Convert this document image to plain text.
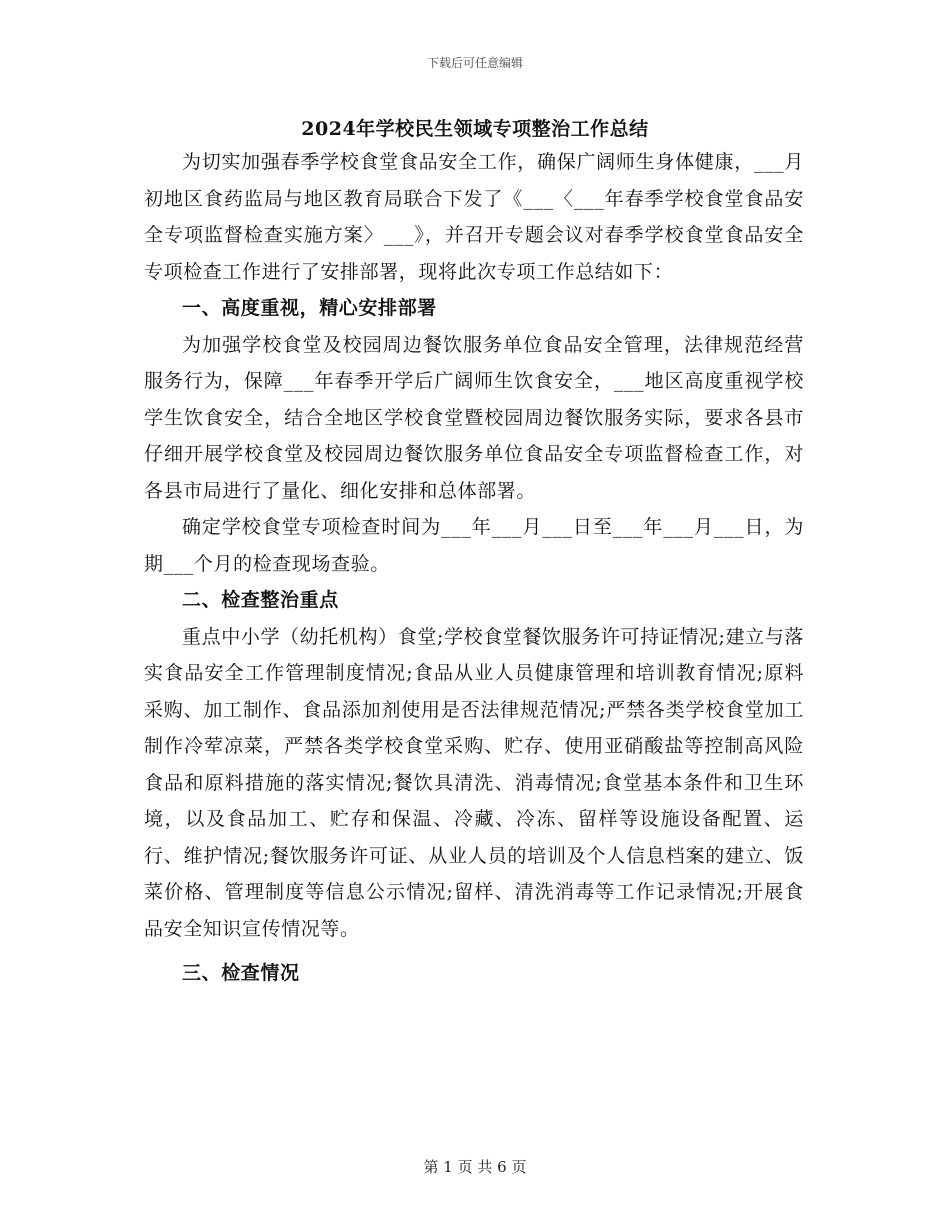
下载后可任意编辑
2024年学校民生领域专项整治工作总结

为切实加强春季学校食堂食品安全工作，确保广阔师生身体健康，___月初地区食药监局与地区教育局联合下发了《___〈___年春季学校食堂食品安全专项监督检查实施方案〉___》，并召开专题会议对春季学校食堂食品安全专项检查工作进行了安排部署，现将此次专项工作总结如下：

一、高度重视，精心安排部署

为加强学校食堂及校园周边餐饮服务单位食品安全管理，法律规范经营服务行为，保障___年春季开学后广阔师生饮食安全，___地区高度重视学校学生饮食安全，结合全地区学校食堂暨校园周边餐饮服务实际，要求各县市仔细开展学校食堂及校园周边餐饮服务单位食品安全专项监督检查工作，对各县市局进行了量化、细化安排和总体部署。

确定学校食堂专项检查时间为___年___月___日至___年___月___日，为期___个月的检查现场查验。

二、检查整治重点

重点中小学（幼托机构）食堂;学校食堂餐饮服务许可持证情况;建立与落实食品安全工作管理制度情况;食品从业人员健康管理和培训教育情况;原料采购、加工制作、食品添加剂使用是否法律规范情况;严禁各类学校食堂加工制作冷荤凉菜，严禁各类学校食堂采购、贮存、使用亚硝酸盐等控制高风险食品和原料措施的落实情况;餐饮具清洗、消毒情况;食堂基本条件和卫生环境，以及食品加工、贮存和保温、冷藏、冷冻、留样等设施设备配置、运行、维护情况;餐饮服务许可证、从业人员的培训及个人信息档案的建立、饭菜价格、管理制度等信息公示情况;留样、清洗消毒等工作记录情况;开展食品安全知识宣传情况等。

三、检查情况
第 1 页 共 6 页
